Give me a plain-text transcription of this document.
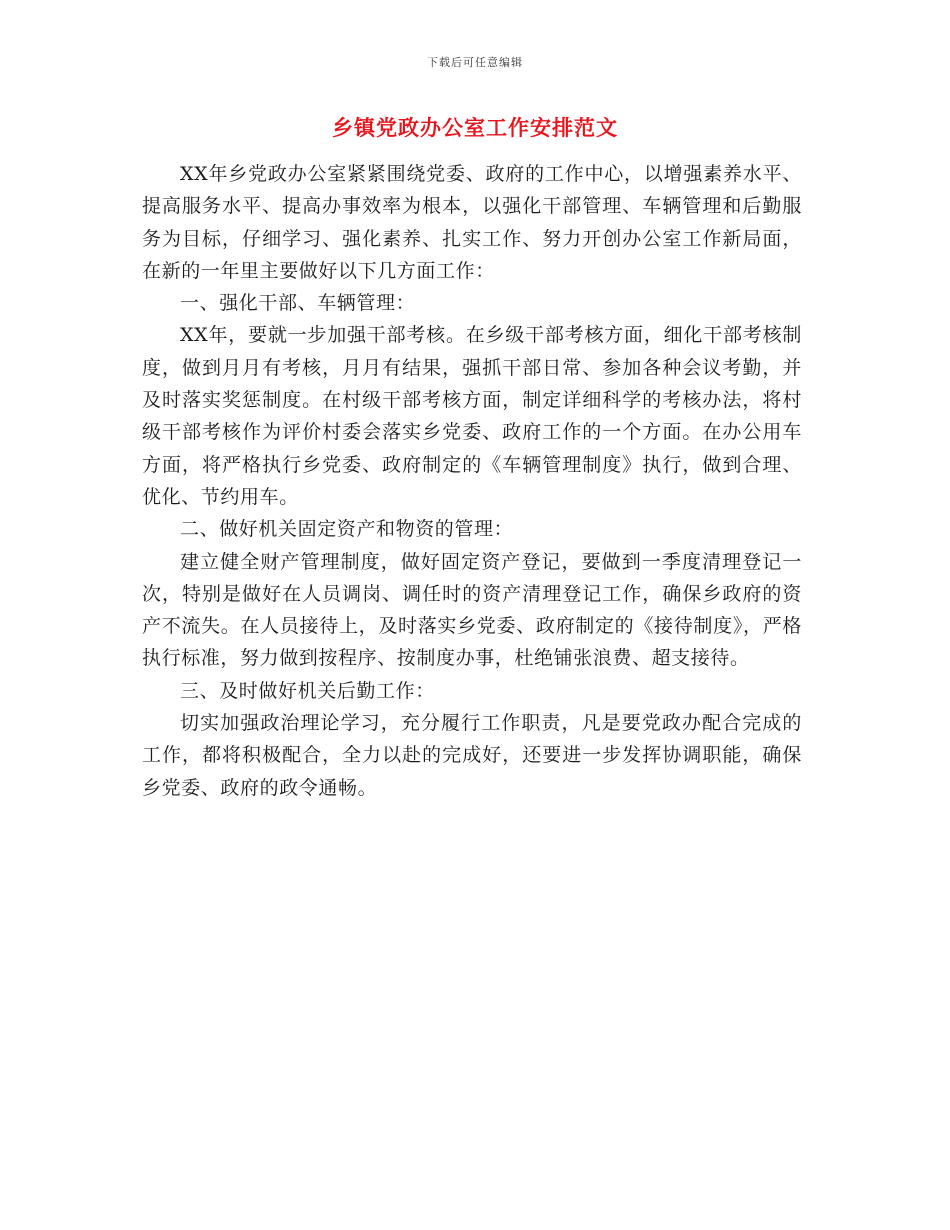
下载后可任意编辑
乡镇党政办公室工作安排范文

XX年乡党政办公室紧紧围绕党委、政府的工作中心，以增强素养水平、提高服务水平、提高办事效率为根本，以强化干部管理、车辆管理和后勤服务为目标，仔细学习、强化素养、扎实工作、努力开创办公室工作新局面，在新的一年里主要做好以下几方面工作：

一、强化干部、车辆管理：

XX年，要就一步加强干部考核。在乡级干部考核方面，细化干部考核制度，做到月月有考核，月月有结果，强抓干部日常、参加各种会议考勤，并及时落实奖惩制度。在村级干部考核方面，制定详细科学的考核办法，将村级干部考核作为评价村委会落实乡党委、政府工作的一个方面。在办公用车方面，将严格执行乡党委、政府制定的《车辆管理制度》执行，做到合理、优化、节约用车。

二、做好机关固定资产和物资的管理：

建立健全财产管理制度，做好固定资产登记，要做到一季度清理登记一次，特别是做好在人员调岗、调任时的资产清理登记工作，确保乡政府的资产不流失。在人员接待上，及时落实乡党委、政府制定的《接待制度》，严格执行标准，努力做到按程序、按制度办事，杜绝铺张浪费、超支接待。

三、及时做好机关后勤工作：

切实加强政治理论学习，充分履行工作职责，凡是要党政办配合完成的工作，都将积极配合，全力以赴的完成好，还要进一步发挥协调职能，确保乡党委、政府的政令通畅。
